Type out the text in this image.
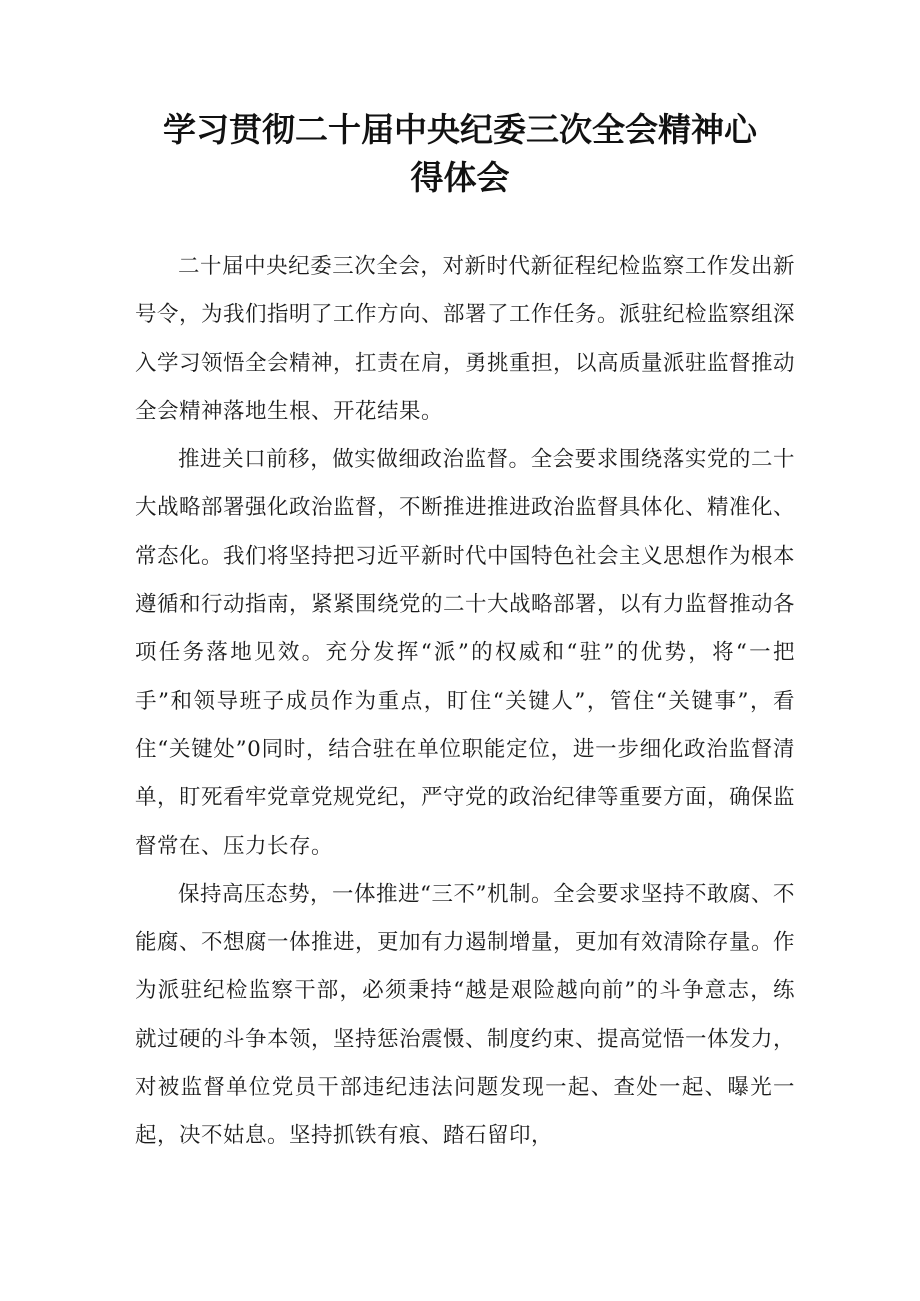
学习贯彻二十届中央纪委三次全会精神心
得体会

二十届中央纪委三次全会，对新时代新征程纪检监察工作发出新号令，为我们指明了工作方向、部署了工作任务。派驻纪检监察组深入学习领悟全会精神，扛责在肩，勇挑重担，以高质量派驻监督推动全会精神落地生根、开花结果。

推进关口前移，做实做细政治监督。全会要求围绕落实党的二十大战略部署强化政治监督，不断推进推进政治监督具体化、精准化、常态化。我们将坚持把习近平新时代中国特色社会主义思想作为根本遵循和行动指南，紧紧围绕党的二十大战略部署，以有力监督推动各项任务落地见效。充分发挥“派”的权威和“驻”的优势，将“一把手”和领导班子成员作为重点，盯住“关键人”，管住“关键事”，看住“关键处”0同时，结合驻在单位职能定位，进一步细化政治监督清单，盯死看牢党章党规党纪，严守党的政治纪律等重要方面，确保监督常在、压力长存。

保持高压态势，一体推进“三不”机制。全会要求坚持不敢腐、不能腐、不想腐一体推进，更加有力遏制增量，更加有效清除存量。作为派驻纪检监察干部，必须秉持“越是艰险越向前”的斗争意志，练就过硬的斗争本领，坚持惩治震慑、制度约束、提高觉悟一体发力，对被监督单位党员干部违纪违法问题发现一起、查处一起、曝光一起，决不姑息。坚持抓铁有痕、踏石留印，
